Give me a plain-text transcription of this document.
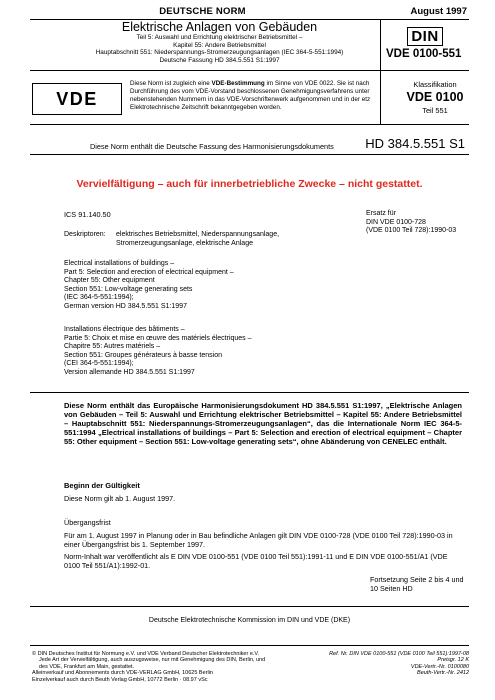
DEUTSCHE NORM	August 1997
Elektrische Anlagen von Gebäuden
Teil 5: Auswahl und Errichtung elektrischer Betriebsmittel –
Kapitel 55: Andere Betriebsmittel
Hauptabschnitt 551: Niederspannungs-Stromerzeugungsanlagen (IEC 364-5-551:1994)
Deutsche Fassung HD 384.5.551 S1:1997
DIN
VDE 0100-551
VDE
Diese Norm ist zugleich eine VDE-Bestimmung im Sinne von VDE 0022. Sie ist nach
Durchführung des vom VDE-Vorstand beschlossenen Genehmigungsverfahrens unter
nebenstehenden Nummern in das VDE-Vorschriftenwerk aufgenommen und in der etz
Elektrotechnische Zeitschrift bekanntgegeben worden.
Klassifikation
VDE 0100
Teil 551
Diese Norm enthält die Deutsche Fassung des Harmonisierungsdokuments HD 384.5.551 S1
Vervielfältigung – auch für innerbetriebliche Zwecke – nicht gestattet.
ICS 91.140.50	Ersatz für
DIN VDE 0100-728
(VDE 0100 Teil 728):1990-03
Deskriptoren: elektrisches Betriebsmittel, Niederspannungsanlage,
Stromerzeugungsanlage, elektrische Anlage
Electrical installations of buildings –
Part 5: Selection and erection of electrical equipment –
Chapter 55: Other equipment
Section 551: Low-voltage generating sets
(IEC 364-5-551:1994);
German version HD 384.5.551 S1:1997
Installations électrique des bâtiments –
Partie 5: Choix et mise en œuvre des matériels électriques –
Chapitre 55: Autres matériels –
Section 551: Groupes générateurs à basse tension
(CEI 364-5-551:1994);
Version allemande HD 384.5.551 S1:1997
Diese Norm enthält das Europäische Harmonisierungsdokument HD 384.5.551 S1:1997, „Elektrische Anlagen von Gebäuden – Teil 5: Auswahl und Errichtung elektrischer Betriebsmittel – Kapitel 55: Andere Betriebsmittel – Hauptabschnitt 551: Niederspannungs-Stromerzeugungsanlagen“, das die Internationale Norm IEC 364-5-551:1994 „Electrical installations of buildings – Part 5: Selection and erection of electrical equipment – Chapter 55: Other equipment – Section 551: Low-voltage generating sets“, ohne Abänderung von CENELEC enthält.
Beginn der Gültigkeit
Diese Norm gilt ab 1. August 1997.
Übergangsfrist
Für am 1. August 1997 in Planung oder in Bau befindliche Anlagen gilt DIN VDE 0100-728 (VDE 0100 Teil 728):1990-03 in einer Übergangsfrist bis 1. September 1997.
Norm-Inhalt war veröffentlicht als E DIN VDE 0100-551 (VDE 0100 Teil 551):1991-11 und E DIN VDE 0100-551/A1 (VDE 0100 Teil 551/A1):1992-01.
Fortsetzung Seite 2 bis 4 und
10 Seiten HD
Deutsche Elektrotechnische Kommission im DIN und VDE (DKE)
© DIN Deutsches Institut für Normung e.V. und VDE Verband Deutscher Elektrotechniker e.V.
Jede Art der Vervielfältigung, auch auszugsweise, nur mit Genehmigung des DIN, Berlin, und
des VDE, Frankfurt am Main, gestattet.
Alleinverkauf und Abonnements durch VDE-VERLAG GmbH, 10625 Berlin
Einzelverkauf auch durch Beuth Verlag GmbH, 10772 Berlin · 08.97 vSc
Ref. Nr. DIN VDE 0100-551 (VDE 0100 Teil 551):1997-08
Preisgr. 12 K
VDE-Vertr.-Nr. 0100080
Beuth-Vertr.-Nr. 2412
